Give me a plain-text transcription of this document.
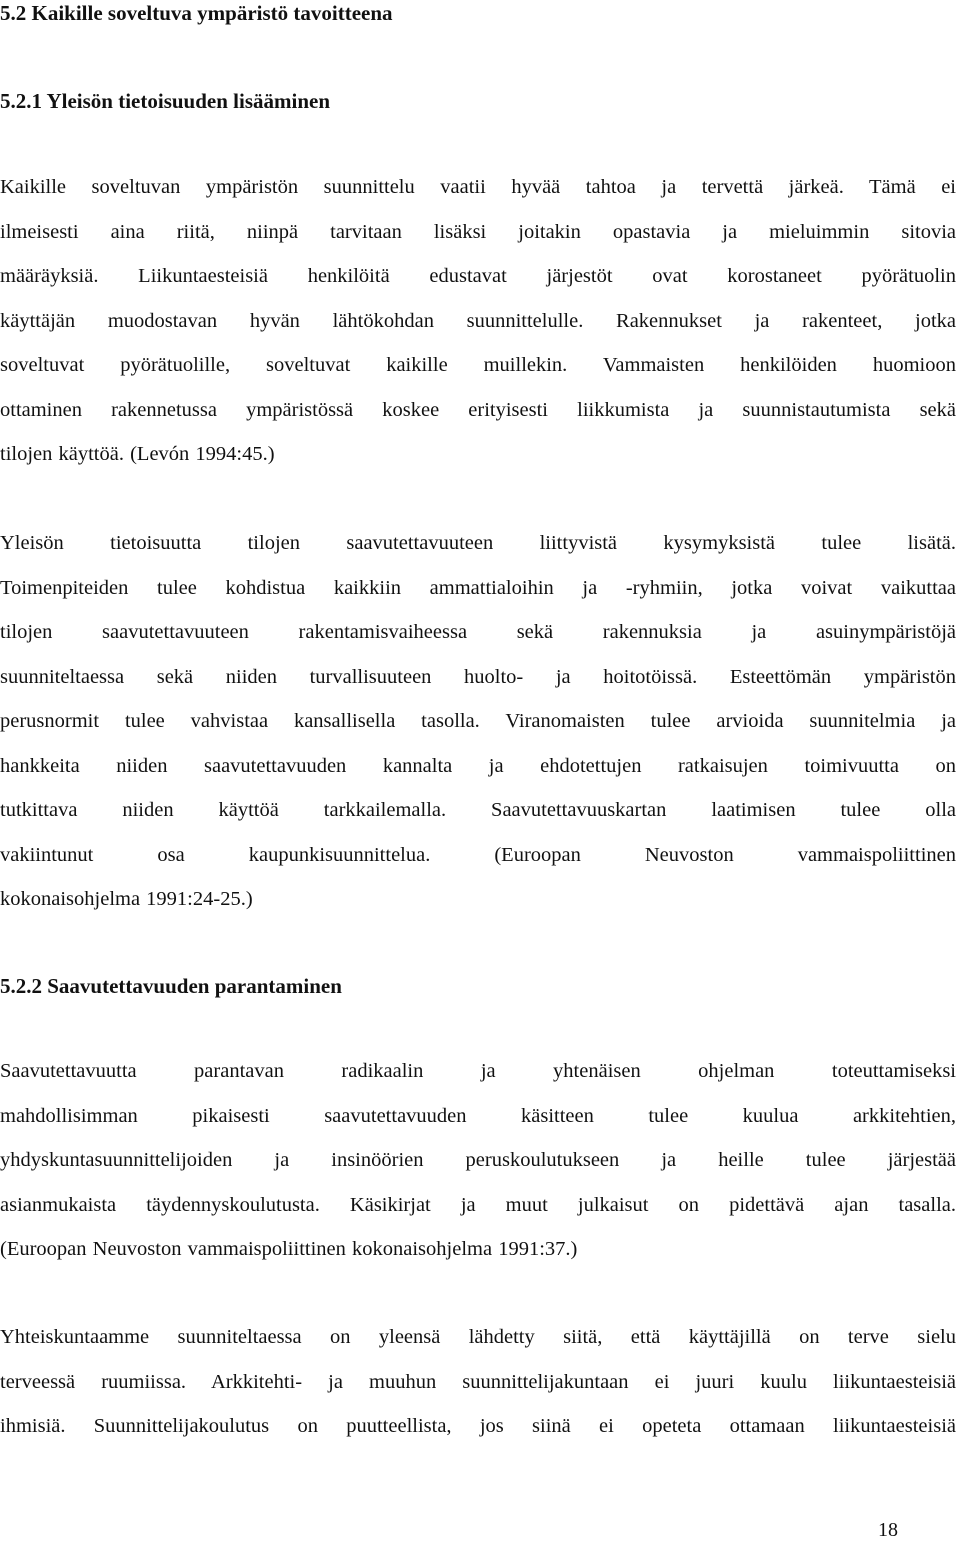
5.2 Kaikille soveltuva ympäristö tavoitteena
5.2.1 Yleisön tietoisuuden lisääminen
Kaikille soveltuvan ympäristön suunnittelu vaatii hyvää tahtoa ja tervettä järkeä. Tämä ei
ilmeisesti aina riitä, niinpä tarvitaan lisäksi joitakin opastavia ja mieluimmin sitovia
määräyksiä. Liikuntaesteisiä henkilöitä edustavat järjestöt ovat korostaneet pyörätuolin
käyttäjän muodostavan hyvän lähtökohdan suunnittelulle. Rakennukset ja rakenteet, jotka
soveltuvat pyörätuolille, soveltuvat kaikille muillekin. Vammaisten henkilöiden huomioon
ottaminen rakennetussa ympäristössä koskee erityisesti liikkumista ja suunnistautumista sekä
tilojen käyttöä. (Levón 1994:45.)
Yleisön tietoisuutta tilojen saavutettavuuteen liittyvistä kysymyksistä tulee lisätä.
Toimenpiteiden tulee kohdistua kaikkiin ammattialoihin ja -ryhmiin, jotka voivat vaikuttaa
tilojen saavutettavuuteen rakentamisvaiheessa sekä rakennuksia ja asuinympäristöjä
suunniteltaessa sekä niiden turvallisuuteen huolto- ja hoitotöissä. Esteettömän ympäristön
perusnormit tulee vahvistaa kansallisella tasolla. Viranomaisten tulee arvioida suunnitelmia ja
hankkeita niiden saavutettavuuden kannalta ja ehdotettujen ratkaisujen toimivuutta on
tutkittava niiden käyttöä tarkkailemalla. Saavutettavuuskartan laatimisen tulee olla
vakiintunut osa kaupunkisuunnittelua. (Euroopan Neuvoston vammaispoliittinen
kokonaisohjelma 1991:24-25.)
5.2.2 Saavutettavuuden parantaminen
Saavutettavuutta parantavan radikaalin ja yhtenäisen ohjelman toteuttamiseksi
mahdollisimman pikaisesti saavutettavuuden käsitteen tulee kuulua arkkitehtien,
yhdyskuntasuunnittelijoiden ja insinöörien peruskoulutukseen ja heille tulee järjestää
asianmukaista täydennyskoulutusta. Käsikirjat ja muut julkaisut on pidettävä ajan tasalla.
(Euroopan Neuvoston vammaispoliittinen kokonaisohjelma 1991:37.)
Yhteiskuntaamme suunniteltaessa on yleensä lähdetty siitä, että käyttäjillä on terve sielu
terveessä ruumiissa. Arkkitehti- ja muuhun suunnittelijakuntaan ei juuri kuulu liikuntaesteisiä
ihmisiä. Suunnittelijakoulutus on puutteellista, jos siinä ei opeteta ottamaan liikuntaesteisiä
18
